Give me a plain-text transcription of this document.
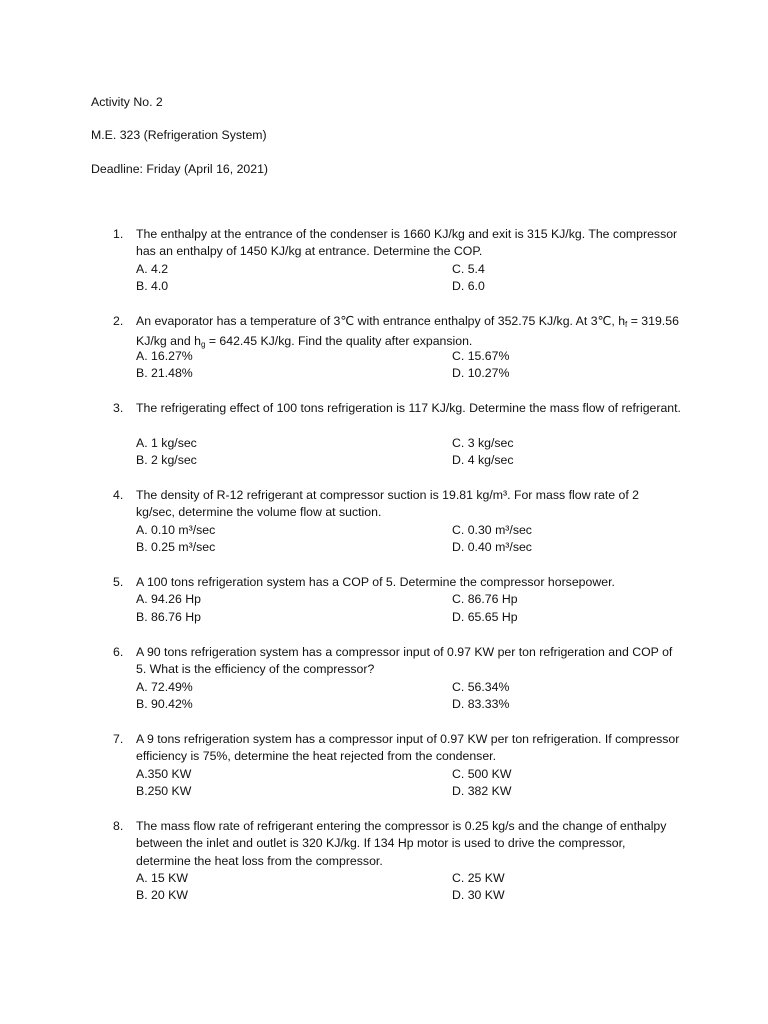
Activity No. 2
M.E. 323 (Refrigeration System)
Deadline: Friday (April 16, 2021)
1. The enthalpy at the entrance of the condenser is 1660 KJ/kg and exit is 315 KJ/kg. The compressor has an enthalpy of 1450 KJ/kg at entrance. Determine the COP.
A. 4.2	C. 5.4
B. 4.0	D. 6.0
2. An evaporator has a temperature of 3℃ with entrance enthalpy of 352.75 KJ/kg. At 3℃, $h_f = 319.56$ KJ/kg and $h_g = 642.45$ KJ/kg. Find the quality after expansion.
A. 16.27%	C. 15.67%
B. 21.48%	D. 10.27%
3. The refrigerating effect of 100 tons refrigeration is 117 KJ/kg. Determine the mass flow of refrigerant.
A. 1 kg/sec	C. 3 kg/sec
B. 2 kg/sec	D. 4 kg/sec
4. The density of R-12 refrigerant at compressor suction is 19.81 kg/m³. For mass flow rate of 2 kg/sec, determine the volume flow at suction.
A. 0.10 m³/sec	C. 0.30 m³/sec
B. 0.25 m³/sec	D. 0.40 m³/sec
5. A 100 tons refrigeration system has a COP of 5. Determine the compressor horsepower.
A. 94.26 Hp	C. 86.76 Hp
B. 86.76 Hp	D. 65.65 Hp
6. A 90 tons refrigeration system has a compressor input of 0.97 KW per ton refrigeration and COP of 5. What is the efficiency of the compressor?
A. 72.49%	C. 56.34%
B. 90.42%	D. 83.33%
7. A 9 tons refrigeration system has a compressor input of 0.97 KW per ton refrigeration. If compressor efficiency is 75%, determine the heat rejected from the condenser.
A.350 KW	C. 500 KW
B.250 KW	D. 382 KW
8. The mass flow rate of refrigerant entering the compressor is 0.25 kg/s and the change of enthalpy between the inlet and outlet is 320 KJ/kg. If 134 Hp motor is used to drive the compressor, determine the heat loss from the compressor.
A. 15 KW	C. 25 KW
B. 20 KW	D. 30 KW
